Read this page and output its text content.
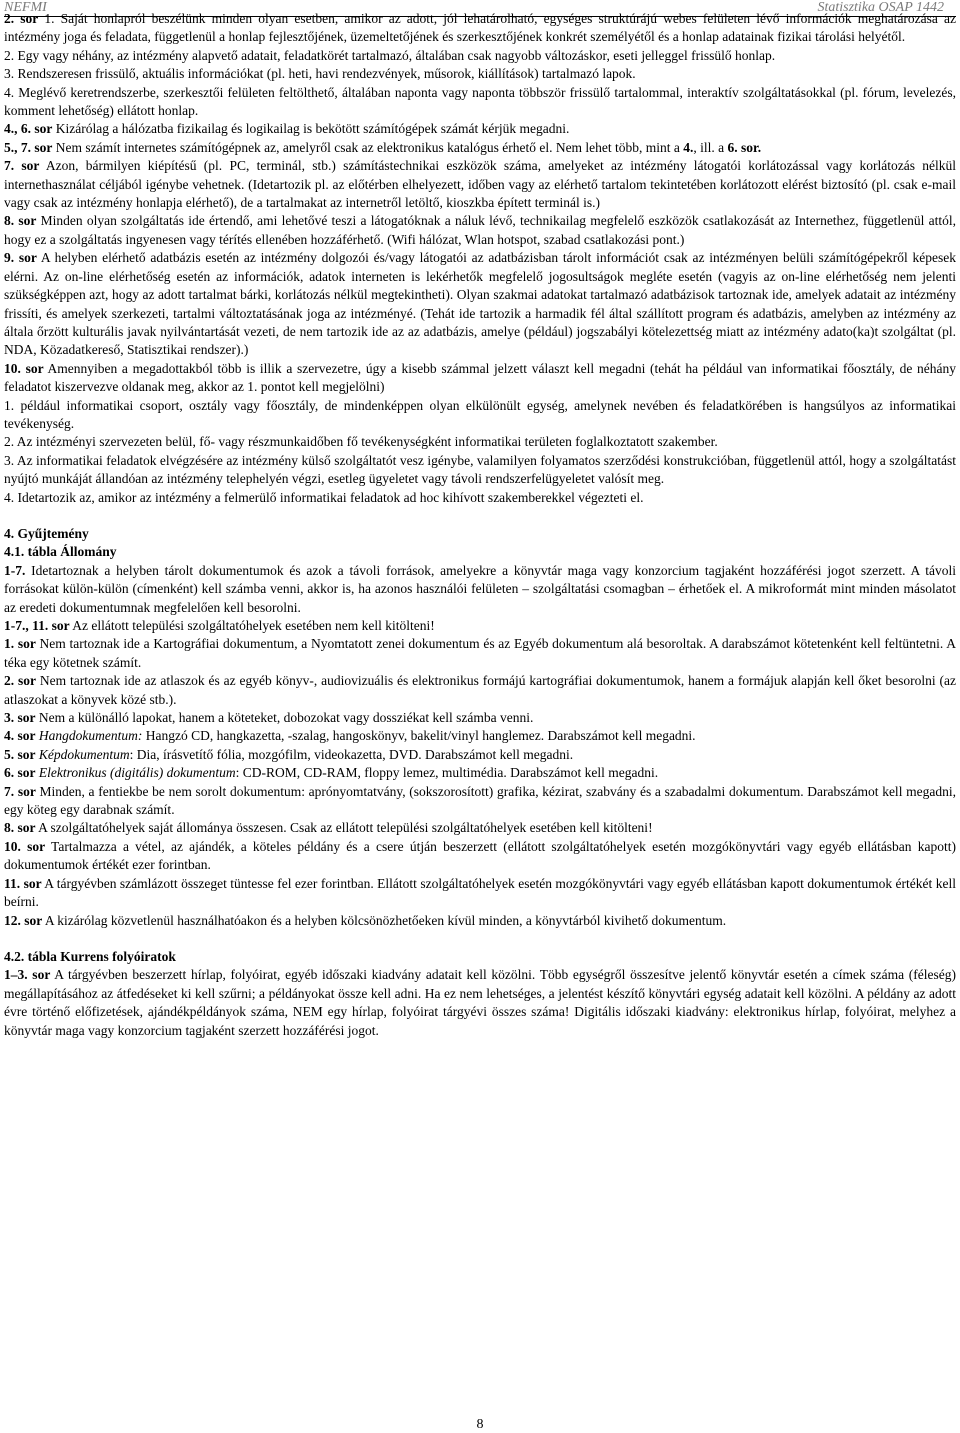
NEFMI	Statisztika OSAP 1442

2. sor 1. Saját honlapról beszélünk minden olyan esetben, amikor az adott, jól lehatárolható, egységes struktúrájú webes felületen lévő információk meghatározása az intézmény joga és feladata, függetlenül a honlap fejlesztőjének, üzemeltetőjének és szerkesztőjének konkrét személyétől és a honlap adatainak fizikai tárolási helyétől.

2. Egy vagy néhány, az intézmény alapvető adatait, feladatkörét tartalmazó, általában csak nagyobb változáskor, eseti jelleggel frissülő honlap.

3. Rendszeresen frissülő, aktuális információkat (pl. heti, havi rendezvények, műsorok, kiállítások) tartalmazó lapok.

4. Meglévő keretrendszerbe, szerkesztői felületen feltölthető, általában naponta vagy naponta többször frissülő tartalommal, interaktív szolgáltatásokkal (pl. fórum, levelezés, komment lehetőség) ellátott honlap.

4., 6. sor Kizárólag a hálózatba fizikailag és logikailag is bekötött számítógépek számát kérjük megadni.

5., 7. sor Nem számít internetes számítógépnek az, amelyről csak az elektronikus katalógus érhető el. Nem lehet több, mint a 4., ill. a 6. sor.

7. sor Azon, bármilyen kiépítésű (pl. PC, terminál, stb.) számítástechnikai eszközök száma, amelyeket az intézmény látogatói korlátozással vagy korlátozás nélkül internethasználat céljából igénybe vehetnek. (Idetartozik pl. az előtérben elhelyezett, időben vagy az elérhető tartalom tekintetében korlátozott elérést biztosító (pl. csak e-mail vagy csak az intézmény honlapja elérhető), de a tartalmakat az internetről letöltő, kioszkba épített terminál is.)

8. sor Minden olyan szolgáltatás ide értendő, ami lehetővé teszi a látogatóknak a náluk lévő, technikailag megfelelő eszközök csatlakozását az Internethez, függetlenül attól, hogy ez a szolgáltatás ingyenesen vagy térítés ellenében hozzáférhető. (Wifi hálózat, Wlan hotspot, szabad csatlakozási pont.)

9. sor A helyben elérhető adatbázis esetén az intézmény dolgozói és/vagy látogatói az adatbázisban tárolt információt csak az intézményen belüli számítógépekről képesek elérni. Az on-line elérhetőség esetén az információk, adatok interneten is lekérhetők megfelelő jogosultságok megléte esetén (vagyis az on-line elérhetőség nem jelenti szükségképpen azt, hogy az adott tartalmat bárki, korlátozás nélkül megtekintheti). Olyan szakmai adatokat tartalmazó adatbázisok tartoznak ide, amelyek adatait az intézmény frissíti, és amelyek szerkezeti, tartalmi változtatásának joga az intézményé. (Tehát ide tartozik a harmadik fél által szállított program és adatbázis, amelyben az intézmény az általa őrzött kulturális javak nyilvántartását vezeti, de nem tartozik ide az az adatbázis, amelye (például) jogszabályi kötelezettség miatt az intézmény adato(ka)t szolgáltat (pl. NDA, Közadatkereső, Statisztikai rendszer).)

10. sor Amennyiben a megadottakból több is illik a szervezetre, úgy a kisebb számmal jelzett választ kell megadni (tehát ha például van informatikai főosztály, de néhány feladatot kiszervezve oldanak meg, akkor az 1. pontot kell megjelölni)

1. például informatikai csoport, osztály vagy főosztály, de mindenképpen olyan elkülönült egység, amelynek nevében és feladatkörében is hangsúlyos az informatikai tevékenység.

2. Az intézményi szervezeten belül, fő- vagy részmunkaidőben fő tevékenységként informatikai területen foglalkoztatott szakember.

3. Az informatikai feladatok elvégzésére az intézmény külső szolgáltatót vesz igénybe, valamilyen folyamatos szerződési konstrukcióban, függetlenül attól, hogy a szolgáltatást nyújtó munkáját állandóan az intézmény telephelyén végzi, esetleg ügyeletet vagy távoli rendszerfelügyeletet valósít meg.

4. Idetartozik az, amikor az intézmény a felmerülő informatikai feladatok ad hoc kihívott szakemberekkel végezteti el.

4. Gyűjtemény

4.1. tábla Állomány

1-7. Idetartoznak a helyben tárolt dokumentumok és azok a távoli források, amelyekre a könyvtár maga vagy konzorcium tagjaként hozzáférési jogot szerzett. A távoli forrásokat külön-külön (címenként) kell számba venni, akkor is, ha azonos használói felületen – szolgáltatási csomagban – érhetőek el. A mikroformát mint minden másolatot az eredeti dokumentumnak megfelelően kell besorolni.

1-7., 11. sor Az ellátott települési szolgáltatóhelyek esetében nem kell kitölteni!

1. sor Nem tartoznak ide a Kartográfiai dokumentum, a Nyomtatott zenei dokumentum és az Egyéb dokumentum alá besoroltak. A darabszámot kötetenként kell feltüntetni. A téka egy kötetnek számít.

2. sor Nem tartoznak ide az atlaszok és az egyéb könyv-, audiovizuális és elektronikus formájú kartográfiai dokumentumok, hanem a formájuk alapján kell őket besorolni (az atlaszokat a könyvek közé stb.).

3. sor Nem a különálló lapokat, hanem a köteteket, dobozokat vagy dossziékat kell számba venni.

4. sor Hangdokumentum: Hangzó CD, hangkazetta, -szalag, hangoskönyv, bakelit/vinyl hanglemez. Darabszámot kell megadni.

5. sor Képdokumentum: Dia, írásvetítő fólia, mozgófilm, videokazetta, DVD. Darabszámot kell megadni.

6. sor Elektronikus (digitális) dokumentum: CD-ROM, CD-RAM, floppy lemez, multimédia. Darabszámot kell megadni.

7. sor Minden, a fentiekbe be nem sorolt dokumentum: aprónyomtatvány, (sokszorosított) grafika, kézirat, szabvány és a szabadalmi dokumentum. Darabszámot kell megadni, egy köteg egy darabnak számít.

8. sor A szolgáltatóhelyek saját állománya összesen. Csak az ellátott települési szolgáltatóhelyek esetében kell kitölteni!

10. sor Tartalmazza a vétel, az ajándék, a köteles példány és a csere útján beszerzett (ellátott szolgáltatóhelyek esetén mozgókönyvtári vagy egyéb ellátásban kapott) dokumentumok értékét ezer forintban.

11. sor A tárgyévben számlázott összeget tüntesse fel ezer forintban. Ellátott szolgáltatóhelyek esetén mozgókönyvtári vagy egyéb ellátásban kapott dokumentumok értékét kell beírni.

12. sor A kizárólag közvetlenül használhatóakon és a helyben kölcsönözhetőeken kívül minden, a könyvtárból kivihető dokumentum.

4.2. tábla Kurrens folyóiratok

1–3. sor A tárgyévben beszerzett hírlap, folyóirat, egyéb időszaki kiadvány adatait kell közölni. Több egységről összesítve jelentő könyvtár esetén a címek száma (féleség) megállapításához az átfedéseket ki kell szűrni; a példányokat össze kell adni. Ha ez nem lehetséges, a jelentést készítő könyvtári egység adatait kell közölni. A példány az adott évre történő előfizetések, ajándékpéldányok száma, NEM egy hírlap, folyóirat tárgyévi összes száma! Digitális időszaki kiadvány: elektronikus hírlap, folyóirat, melyhez a könyvtár maga vagy konzorcium tagjaként szerzett hozzáférési jogot.

8
